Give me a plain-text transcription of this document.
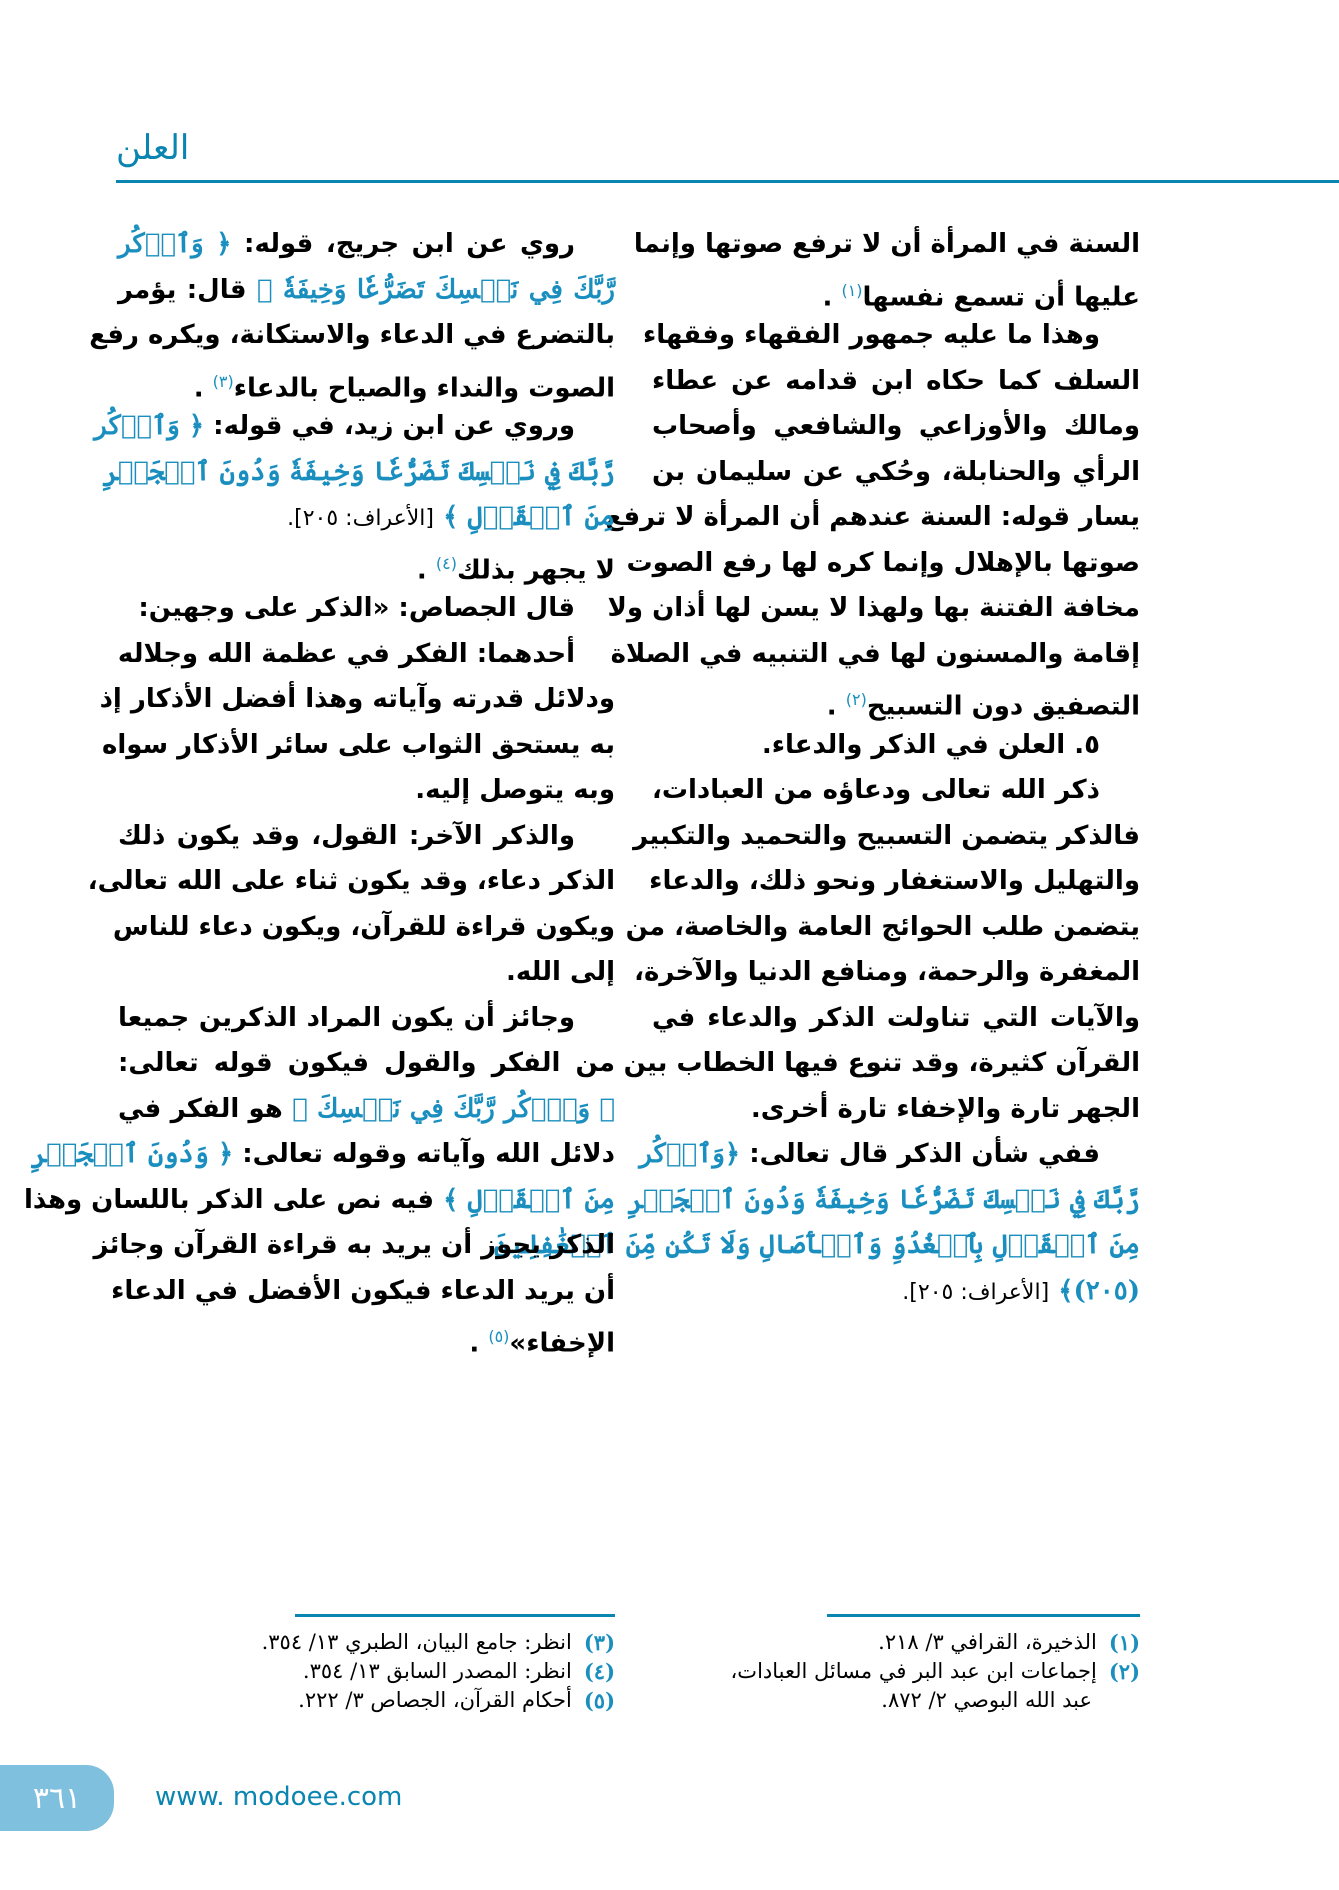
العلن
السنة في المرأة أن لا ترفع صوتها وإنما
عليها أن تسمع نفسها$^{(١)}$ .
وهذا ما عليه جمهور الفقهاء وفقهاء
السلف كما حكاه ابن قدامه عن عطاء
ومالك والأوزاعي والشافعي وأصحاب
الرأي والحنابلة، وحُكي عن سليمان بن
يسار قوله: السنة عندهم أن المرأة لا ترفع
صوتها بالإهلال وإنما كره لها رفع الصوت
مخافة الفتنة بها ولهذا لا يسن لها أذان ولا
إقامة والمسنون لها في التنبيه في الصلاة
التصفيق دون التسبيح$^{(٢)}$ .
٥. العلن في الذكر والدعاء.
ذكر الله تعالى ودعاؤه من العبادات،
فالذكر يتضمن التسبيح والتحميد والتكبير
والتهليل والاستغفار ونحو ذلك، والدعاء
يتضمن طلب الحوائج العامة والخاصة، من
المغفرة والرحمة، ومنافع الدنيا والآخرة،
والآيات التي تناولت الذكر والدعاء في
القرآن كثيرة، وقد تنوع فيها الخطاب بين
الجهر تارة والإخفاء تارة أخرى.
ففي شأن الذكر قال تعالى: ﴿وَٱذۡكُر
رَّبَّكَ فِي نَفۡسِكَ تَضَرُّعٗا وَخِيفَةٗ وَدُونَ ٱلۡجَهۡرِ
مِنَ ٱلۡقَوۡلِ بِٱلۡغُدُوِّ وَٱلۡأٓصَالِ وَلَا تَكُن مِّنَ ٱلۡغَٰفِلِينَ
(٢٠٥)﴾ [الأعراف: ٢٠٥].
روي عن ابن جريج، قوله: ﴿ وَٱذۡكُر
رَّبَّكَ فِي نَفۡسِكَ تَضَرُّعٗا وَخِيفَةٗ ﴾ قال: يؤمر
بالتضرع في الدعاء والاستكانة، ويكره رفع
الصوت والنداء والصياح بالدعاء$^{(٣)}$ .
وروي عن ابن زيد، في قوله: ﴿ وَٱذۡكُر
رَّبَّكَ فِي نَفۡسِكَ تَضَرُّعٗا وَخِيفَةٗ وَدُونَ ٱلۡجَهۡرِ
مِنَ ٱلۡقَوۡلِ ﴾ [الأعراف: ٢٠٥].
لا يجهر بذلك$^{(٤)}$ .
قال الجصاص: «الذكر على وجهين:
أحدهما: الفكر في عظمة الله وجلاله
ودلائل قدرته وآياته وهذا أفضل الأذكار إذ
به يستحق الثواب على سائر الأذكار سواه
وبه يتوصل إليه.
والذكر الآخر: القول، وقد يكون ذلك
الذكر دعاء، وقد يكون ثناء على الله تعالى،
ويكون قراءة للقرآن، ويكون دعاء للناس
إلى الله.
وجائز أن يكون المراد الذكرين جميعا
من الفكر والقول فيكون قوله تعالى:
﴿ وَٱذۡكُر رَّبَّكَ فِي نَفۡسِكَ ﴾ هو الفكر في
دلائل الله وآياته وقوله تعالى: ﴿ وَدُونَ ٱلۡجَهۡرِ
مِنَ ٱلۡقَوۡلِ ﴾ فيه نص على الذكر باللسان وهذا
الذكر يجوز أن يريد به قراءة القرآن وجائز
أن يريد الدعاء فيكون الأفضل في الدعاء
الإخفاء»$^{(٥)}$ .
(١)
الذخيرة، القرافي ٣/ ٢١٨.
(٢)
إجماعات ابن عبد البر في مسائل العبادات،
عبد الله البوصي ٢/ ٨٧٢.
(٣)
انظر: جامع البيان، الطبري ١٣/ ٣٥٤.
(٤)
انظر: المصدر السابق ١٣/ ٣٥٤.
(٥)
أحكام القرآن، الجصاص ٣/ ٢٢٢.
٣٦١	www. modoee.com
